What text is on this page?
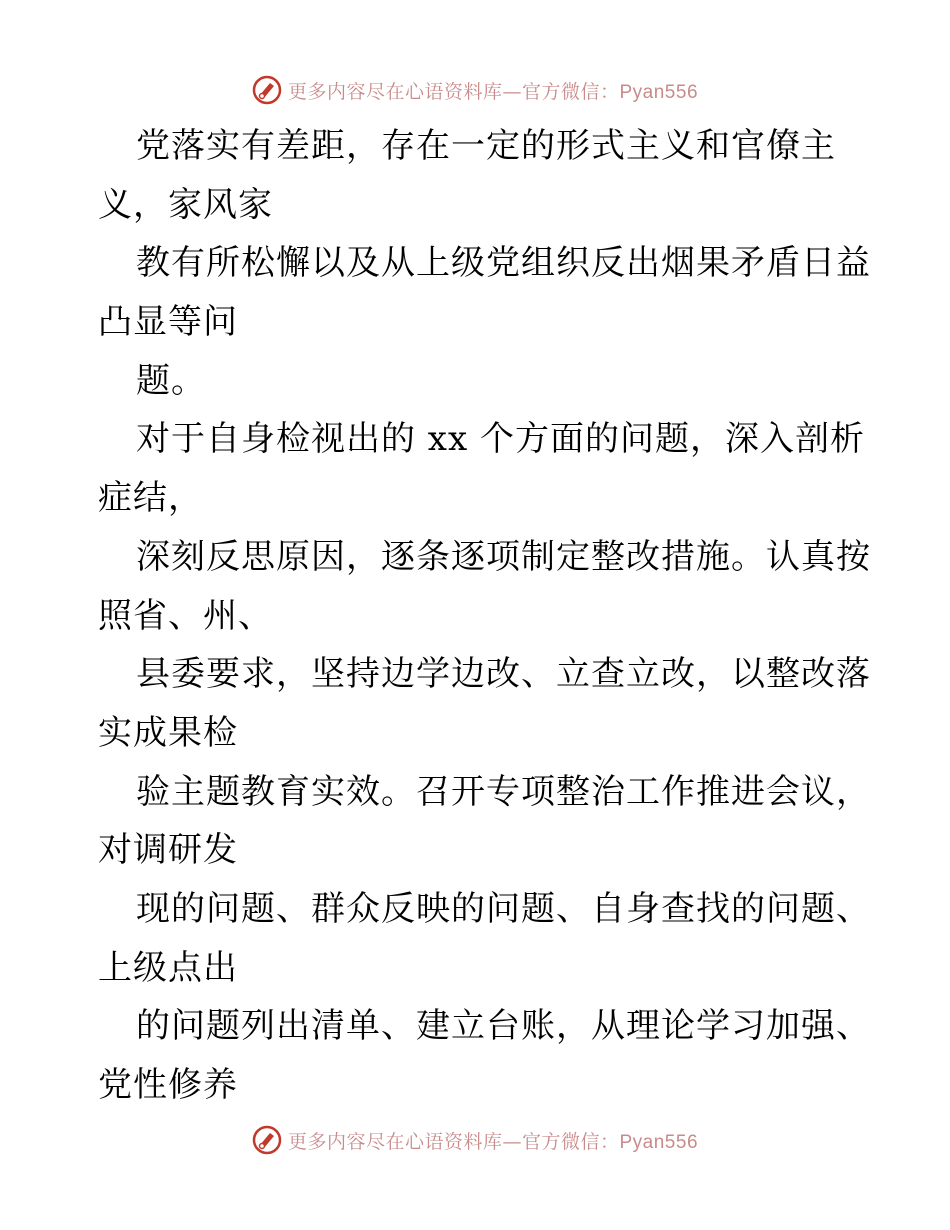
更多内容尽在心语资料库—官方微信：Pyan556
党落实有差距，存在一定的形式主义和官僚主
义，家风家
教有所松懈以及从上级党组织反出烟果矛盾日益
凸显等问
题。
对于自身检视出的 xx 个方面的问题，深入剖析
症结，
深刻反思原因，逐条逐项制定整改措施。认真按
照省、州、
县委要求，坚持边学边改、立查立改，以整改落
实成果检
验主题教育实效。召开专项整治工作推进会议，
对调研发
现的问题、群众反映的问题、自身查找的问题、
上级点出
的问题列出清单、建立台账，从理论学习加强、
党性修养
更多内容尽在心语资料库—官方微信：Pyan556
